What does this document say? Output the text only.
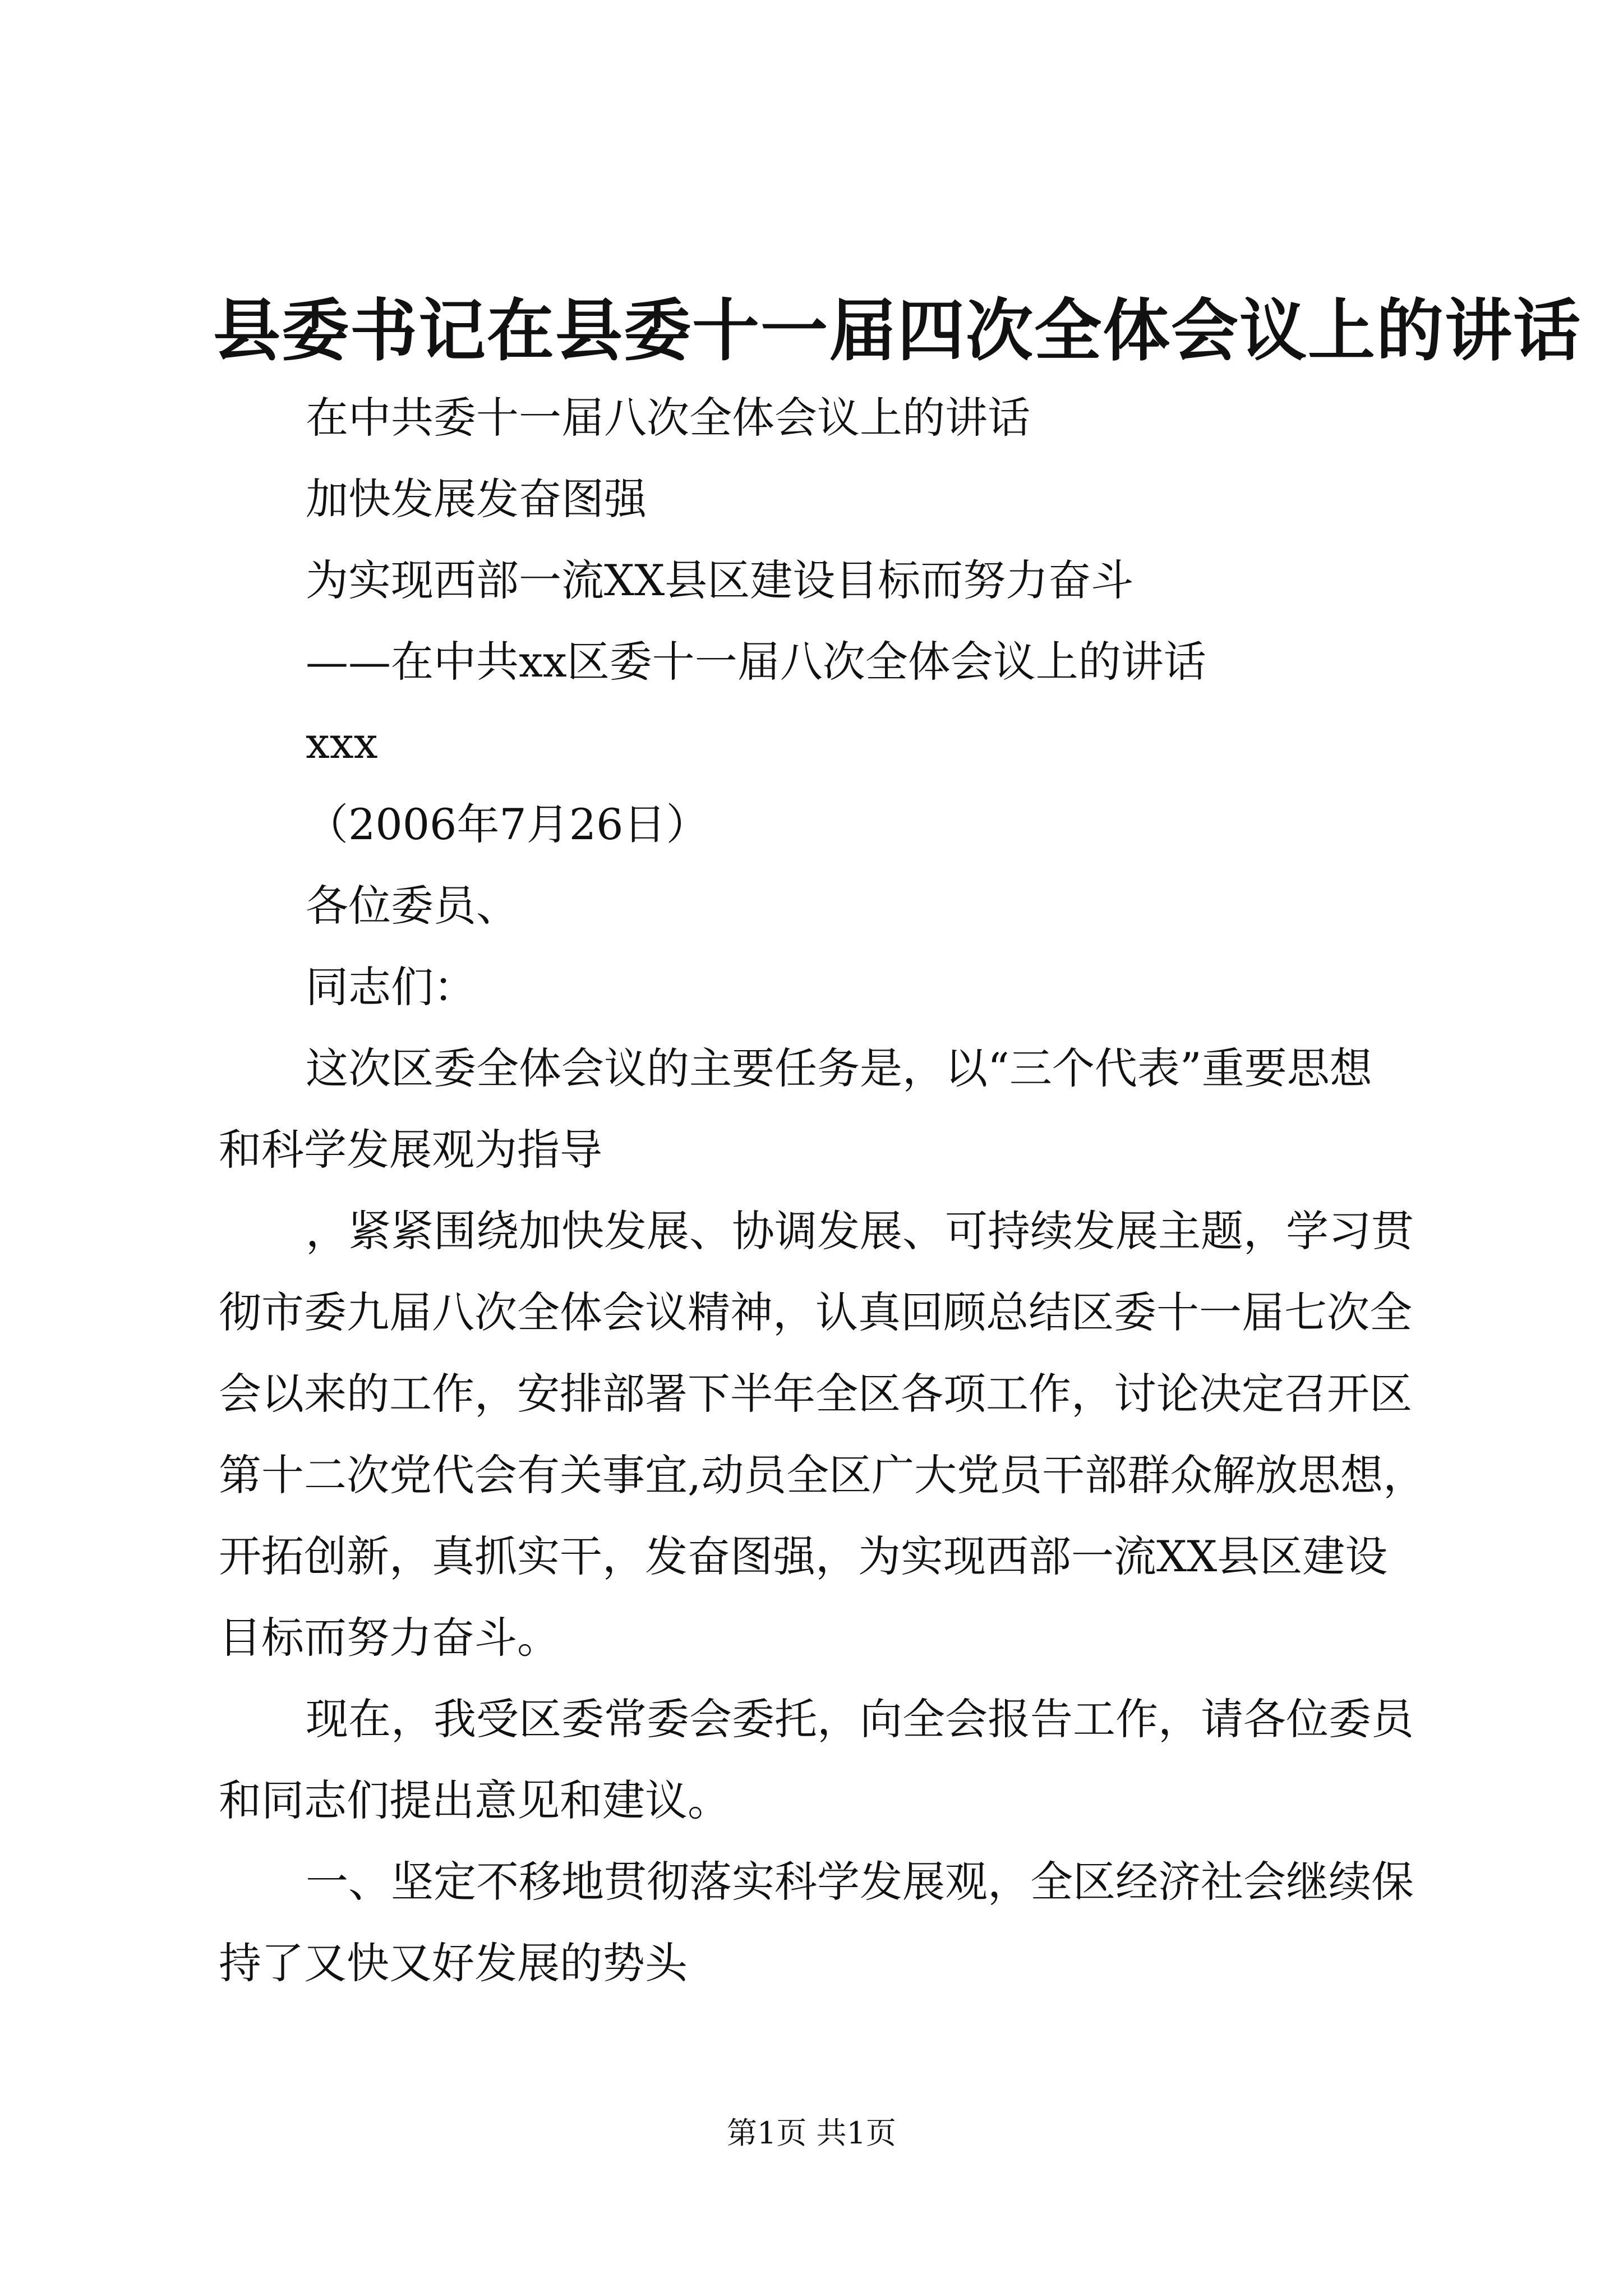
县委书记在县委十一届四次全体会议上的讲话
在中共委十一届八次全体会议上的讲话
加快发展发奋图强
为实现西部一流XX县区建设目标而努力奋斗
——在中共xx区委十一届八次全体会议上的讲话
xxx
（2006年7月26日）
各位委员、
同志们：
这次区委全体会议的主要任务是，以“三个代表”重要思想
和科学发展观为指导
，紧紧围绕加快发展、协调发展、可持续发展主题，学习贯
彻市委九届八次全体会议精神，认真回顾总结区委十一届七次全
会以来的工作，安排部署下半年全区各项工作，讨论决定召开区
第十二次党代会有关事宜,动员全区广大党员干部群众解放思想，
开拓创新，真抓实干，发奋图强，为实现西部一流XX县区建设
目标而努力奋斗。
现在，我受区委常委会委托，向全会报告工作，请各位委员
和同志们提出意见和建议。
一、坚定不移地贯彻落实科学发展观，全区经济社会继续保
持了又快又好发展的势头
第1页 共1页
